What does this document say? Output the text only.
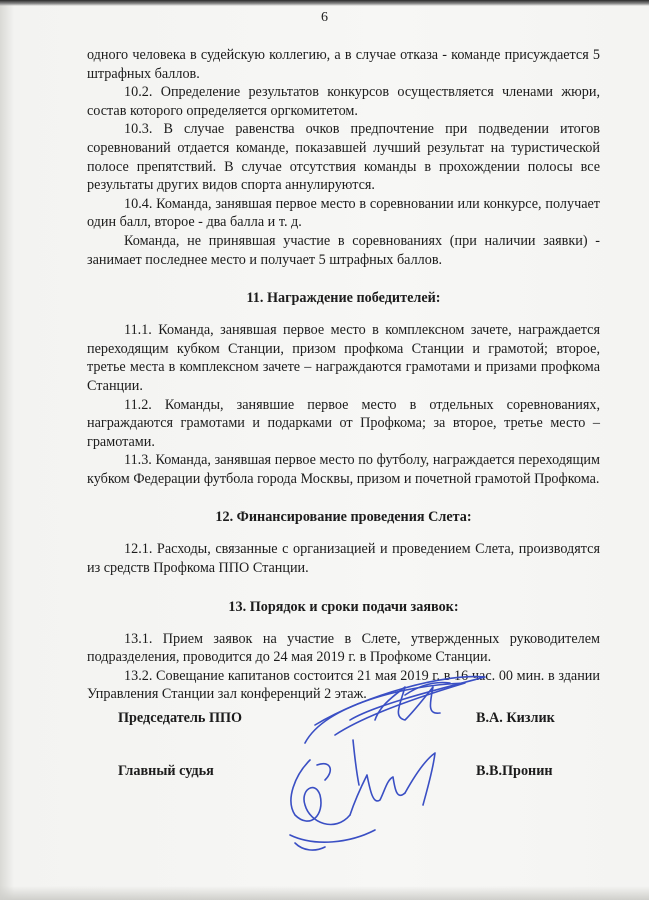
6

одного человека в судейскую коллегию, а в случае отказа - команде присуждается 5 штрафных баллов.

10.2. Определение результатов конкурсов осуществляется членами жюри, состав которого определяется оргкомитетом.

10.3. В случае равенства очков предпочтение при подведении итогов соревнований отдается команде, показавшей лучший результат на туристической полосе препятствий. В случае отсутствия команды в прохождении полосы все результаты других видов спорта аннулируются.

10.4. Команда, занявшая первое место в соревновании или конкурсе, получает один балл, второе - два балла и т. д.

Команда, не принявшая участие в соревнованиях (при наличии заявки) - занимает последнее место и получает 5 штрафных баллов.

11. Награждение победителей:

11.1. Команда, занявшая первое место в комплексном зачете, награждается переходящим кубком Станции, призом профкома Станции и грамотой; второе, третье места в комплексном зачете – награждаются грамотами и призами профкома Станции.

11.2. Команды, занявшие первое место в отдельных соревнованиях, награждаются грамотами и подарками от Профкома; за второе, третье место – грамотами.

11.3. Команда, занявшая первое место по футболу, награждается переходящим кубком Федерации футбола города Москвы, призом и почетной грамотой Профкома.

12. Финансирование проведения Слета:

12.1. Расходы, связанные с организацией и проведением Слета, производятся из средств Профкома ППО Станции.

13. Порядок и сроки подачи заявок:

13.1. Прием заявок на участие в Слете, утвержденных руководителем подразделения, проводится до 24 мая 2019 г. в Профкоме Станции.

13.2. Совещание капитанов состоится 21 мая 2019 г. в 16 час. 00 мин. в здании Управления Станции зал конференций 2 этаж.

Председатель ППО	В.А. Кизлик
Главный судья	В.В.Пронин
